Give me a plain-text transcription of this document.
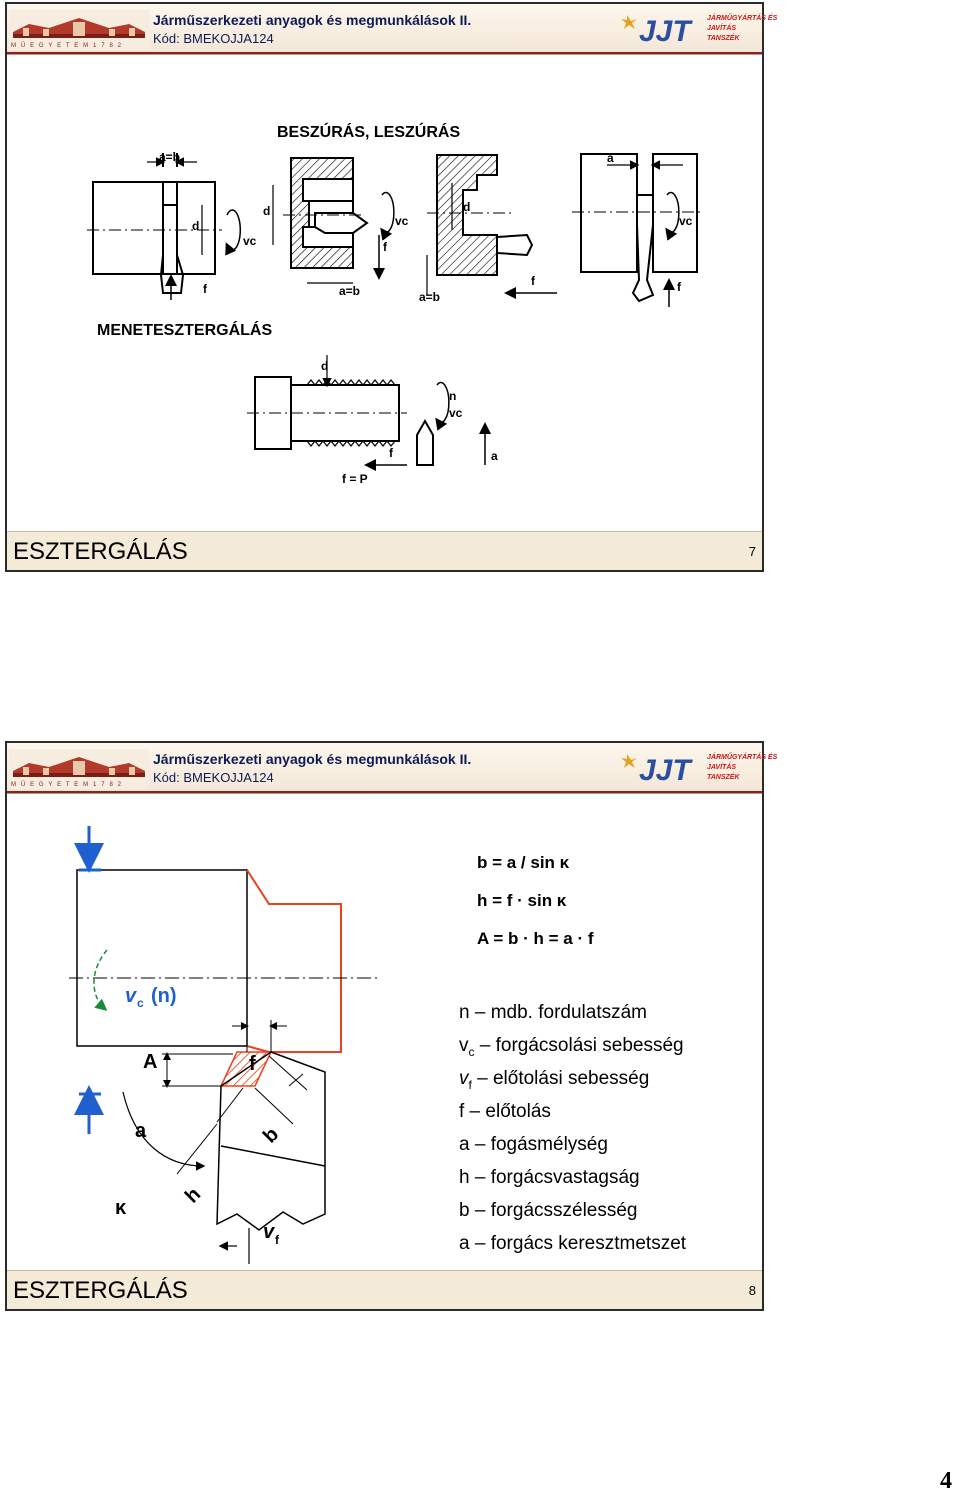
M Ű E G Y E T E M 1 7 8 2
Járműszerkezeti anyagok és megmunkálások II.
Kód: BMEKOJJA124	JJT	JÁRMŰGYÁRTÁS ÉS
JAVÍTÁS
TANSZÉK
BESZÚRÁS, LESZÚRÁS
MENETESZTERGÁLÁS
a=b
d
vc
f
d
a=b
vc
f
d
a=b
f
a
vc
f
d
n
vc
f	a
f = P
ESZTERGÁLÁS	7
M Ű E G Y E T E M 1 7 8 2
Járműszerkezeti anyagok és megmunkálások II.
Kód: BMEKOJJA124	JJT	JÁRMŰGYÁRTÁS ÉS
JAVÍTÁS
TANSZÉK
v c (n)
A	f
a	b
h
κ
v f
b = a / sin κ
h = f · sin κ
A = b · h = a · f
n – mdb. fordulatszám
$v_c$ – forgácsolási sebesség
$v_f$ – előtolási sebesség
f – előtolás
a – fogásmélység
h – forgácsvastagság
b – forgácsszélesség
a – forgács keresztmetszet
ESZTERGÁLÁS	8
4
